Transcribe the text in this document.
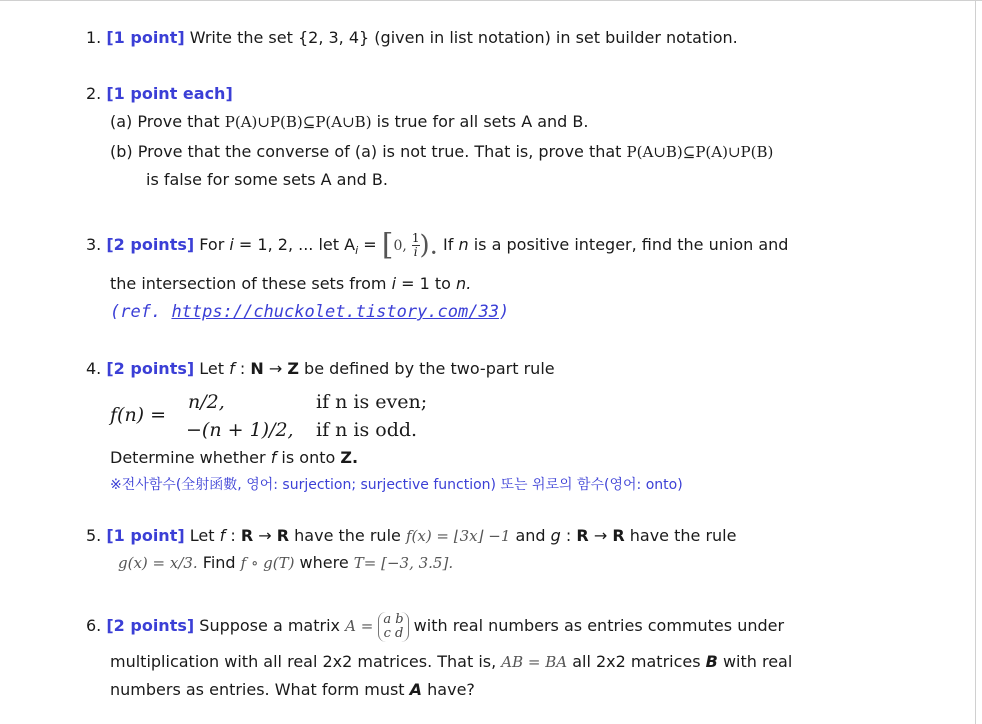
1. [1 point] Write the set {2, 3, 4} (given in list notation) in set builder notation.
2. [1 point each]
(a) Prove that P(A)∪P(B)⊆P(A∪B) is true for all sets A and B.
(b) Prove that the converse of (a) is not true. That is, prove that P(A∪B)⊆P(A)∪P(B)
is false for some sets A and B.
3. [2 points] For i = 1, 2, ... let $A_i = [0$, $\frac{1}{i}$ ). If n is a positive integer, find the union and
the intersection of these sets from i = 1 to n.
(ref. https://chuckolet.tistory.com/33)
4. [2 points] Let f : N → Z be defined by the two-part rule
f(n) =
n/2,	if n is even;
−(n + 1)/2, if n is odd.
Determine whether f is onto Z.
※전사함수(全射函數, 영어: surjection; surjective function) 또는 위로의 함수(영어: onto)
5. [1 point] Let f : R → R have the rule f(x) = ⌊3x⌋ −1 and g : R → R have the rule
g(x) = x/3. Find f ∘ g(T) where T= [−3, 3.5].
6. [2 points] Suppose a matrix A = a b
c d with real numbers as entries commutes under
multiplication with all real 2x2 matrices. That is, AB = BA all 2x2 matrices B with real
numbers as entries. What form must A have?
